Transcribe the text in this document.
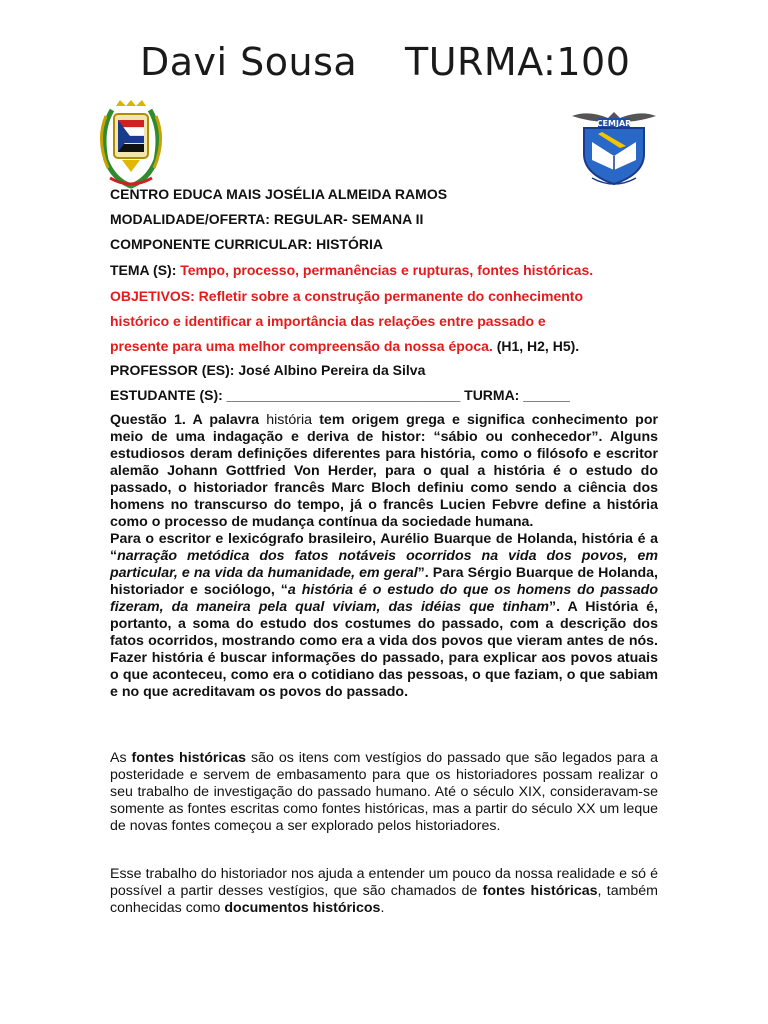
Davi Sousa TURMA:100
CEMJAR
CENTRO EDUCA MAIS JOSÉLIA ALMEIDA RAMOS
MODALIDADE/OFERTA: REGULAR- SEMANA II
COMPONENTE CURRICULAR: HISTÓRIA
TEMA (S): Tempo, processo, permanências e rupturas, fontes históricas.
OBJETIVOS: Refletir sobre a construção permanente do conhecimento
histórico e identificar a importância das relações entre passado e
presente para uma melhor compreensão da nossa época. (H1, H2, H5).
PROFESSOR (ES): José Albino Pereira da Silva
ESTUDANTE (S): ______________________________ TURMA: ______

Questão 1. A palavra história tem origem grega e significa conhecimento por meio de uma indagação e deriva de histor: “sábio ou conhecedor”. Alguns estudiosos deram definições diferentes para história, como o filósofo e escritor alemão Johann Gottfried Von Herder, para o qual a história é o estudo do passado, o historiador francês Marc Bloch definiu como sendo a ciência dos homens no transcurso do tempo, já o francês Lucien Febvre define a história como o processo de mudança contínua da sociedade humana.

Para o escritor e lexicógrafo brasileiro, Aurélio Buarque de Holanda, história é a “narração metódica dos fatos notáveis ocorridos na vida dos povos, em particular, e na vida da humanidade, em geral”. Para Sérgio Buarque de Holanda, historiador e sociólogo, “a história é o estudo do que os homens do passado fizeram, da maneira pela qual viviam, das idéias que tinham”. A História é, portanto, a soma do estudo dos costumes do passado, com a descrição dos fatos ocorridos, mostrando como era a vida dos povos que vieram antes de nós. Fazer história é buscar informações do passado, para explicar aos povos atuais o que aconteceu, como era o cotidiano das pessoas, o que faziam, o que sabiam e no que acreditavam os povos do passado.

As fontes históricas são os itens com vestígios do passado que são legados para a posteridade e servem de embasamento para que os historiadores possam realizar o seu trabalho de investigação do passado humano. Até o século XIX, consideravam-se somente as fontes escritas como fontes históricas, mas a partir do século XX um leque de novas fontes começou a ser explorado pelos historiadores.

Esse trabalho do historiador nos ajuda a entender um pouco da nossa realidade e só é possível a partir desses vestígios, que são chamados de fontes históricas, também conhecidas como documentos históricos.
